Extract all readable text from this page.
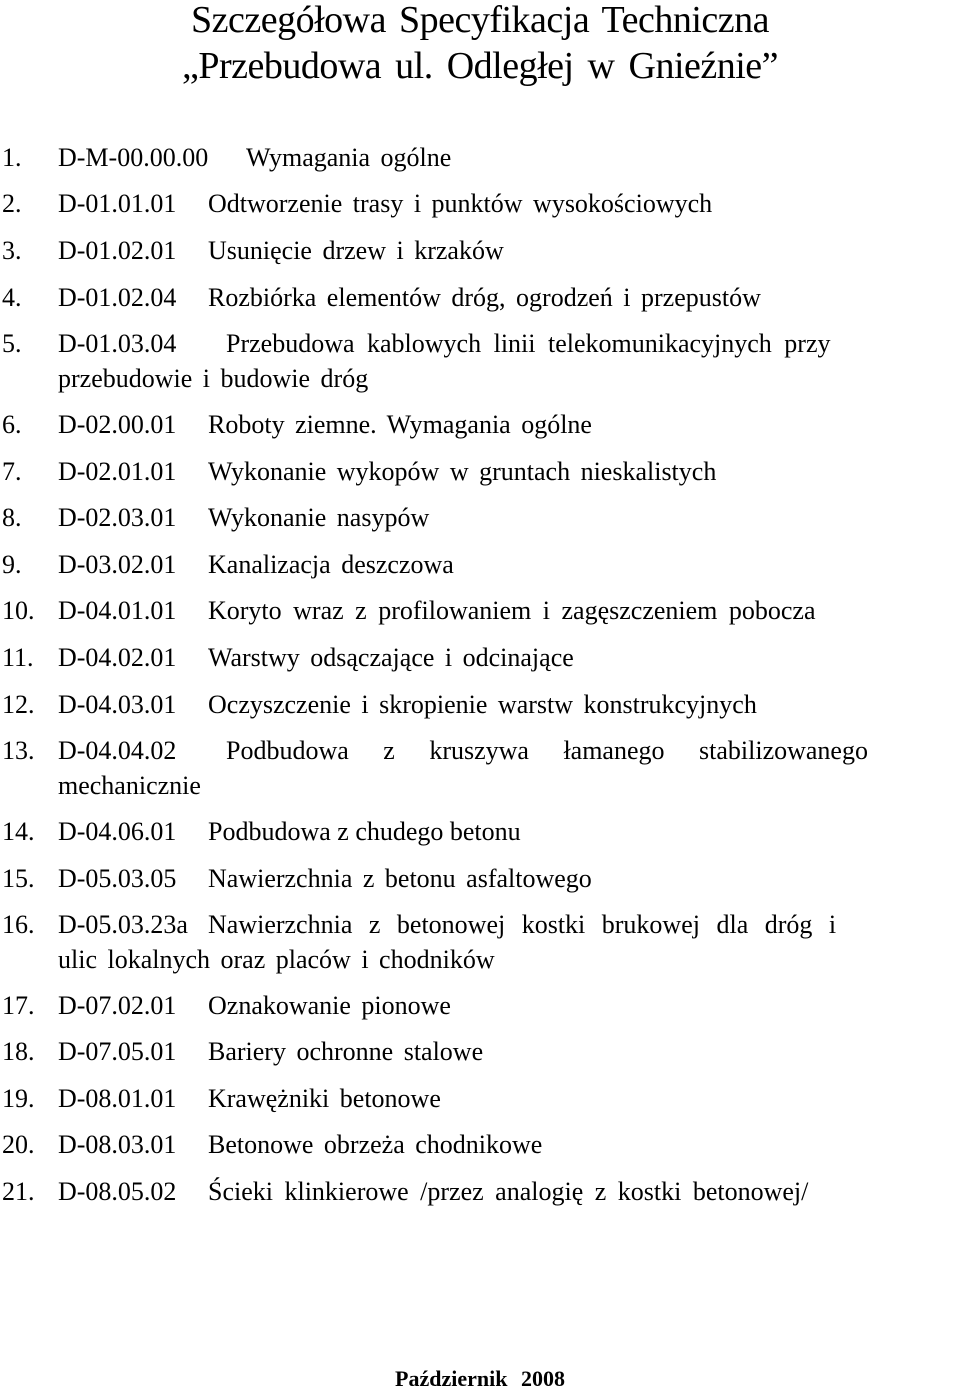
Szczegółowa Specyfikacja Techniczna
„Przebudowa ul. Odległej w Gnieźnie”
1. D-M-00.00.00 Wymagania ogólne
2. D-01.01.01 Odtworzenie trasy i punktów wysokościowych
3. D-01.02.01 Usunięcie drzew i krzaków
4. D-01.02.04 Rozbiórka elementów dróg, ogrodzeń i przepustów
5. D-01.03.04 Przebudowa kablowych linii telekomunikacyjnych przy
przebudowie i budowie dróg
6. D-02.00.01 Roboty ziemne. Wymagania ogólne
7. D-02.01.01 Wykonanie wykopów w gruntach nieskalistych
8. D-02.03.01 Wykonanie nasypów
9. D-03.02.01 Kanalizacja deszczowa
10. D-04.01.01 Koryto wraz z profilowaniem i zagęszczeniem pobocza
11. D-04.02.01 Warstwy odsączające i odcinające
12. D-04.03.01 Oczyszczenie i skropienie warstw konstrukcyjnych
13. D-04.04.02 Podbudowa z kruszywa łamanego stabilizowanego
mechanicznie
14. D-04.06.01 Podbudowa z chudego betonu
15. D-05.03.05 Nawierzchnia z betonu asfaltowego
16. D-05.03.23a Nawierzchnia z betonowej kostki brukowej dla dróg i
ulic lokalnych oraz placów i chodników
17. D-07.02.01 Oznakowanie pionowe
18. D-07.05.01 Bariery ochronne stalowe
19. D-08.01.01 Krawężniki betonowe
20. D-08.03.01 Betonowe obrzeża chodnikowe
21. D-08.05.02 Ścieki klinkierowe /przez analogię z kostki betonowej/
Październik 2008
